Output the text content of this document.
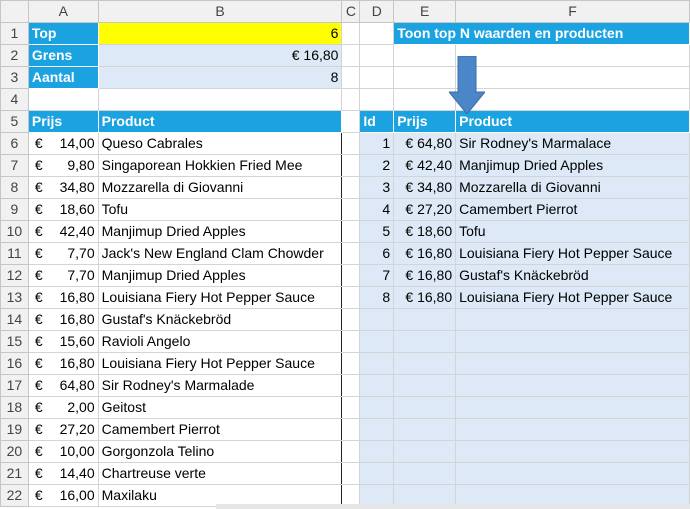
	A	B	C	D	E	F
1	Top	6			Toon top N waarden en producten	
2	Grens	€ 16,80				
3	Aantal	8				
4						
5	Prijs	Product		Id	Prijs	Product
6	€ 14,00	Queso Cabrales		1	€ 64,80	Sir Rodney's Marmalace
7	€ 9,80	Singaporean Hokkien Fried Mee		2	€ 42,40	Manjimup Dried Apples
8	€ 34,80	Mozzarella di Giovanni		3	€ 34,80	Mozzarella di Giovanni
9	€ 18,60	Tofu		4	€ 27,20	Camembert Pierrot
10	€ 42,40	Manjimup Dried Apples		5	€ 18,60	Tofu
11	€ 7,70	Jack's New England Clam Chowder		6	€ 16,80	Louisiana Fiery Hot Pepper Sauce
12	€ 7,70	Manjimup Dried Apples		7	€ 16,80	Gustaf's Knäckebröd
13	€ 16,80	Louisiana Fiery Hot Pepper Sauce		8	€ 16,80	Louisiana Fiery Hot Pepper Sauce
14	€ 16,80	Gustaf's Knäckebröd				
15	€ 15,60	Ravioli Angelo				
16	€ 16,80	Louisiana Fiery Hot Pepper Sauce				
17	€ 64,80	Sir Rodney's Marmalade				
18	€ 2,00	Geitost				
19	€ 27,20	Camembert Pierrot				
20	€ 10,00	Gorgonzola Telino				
21	€ 14,40	Chartreuse verte				
22	€ 16,00	Maxilaku				
